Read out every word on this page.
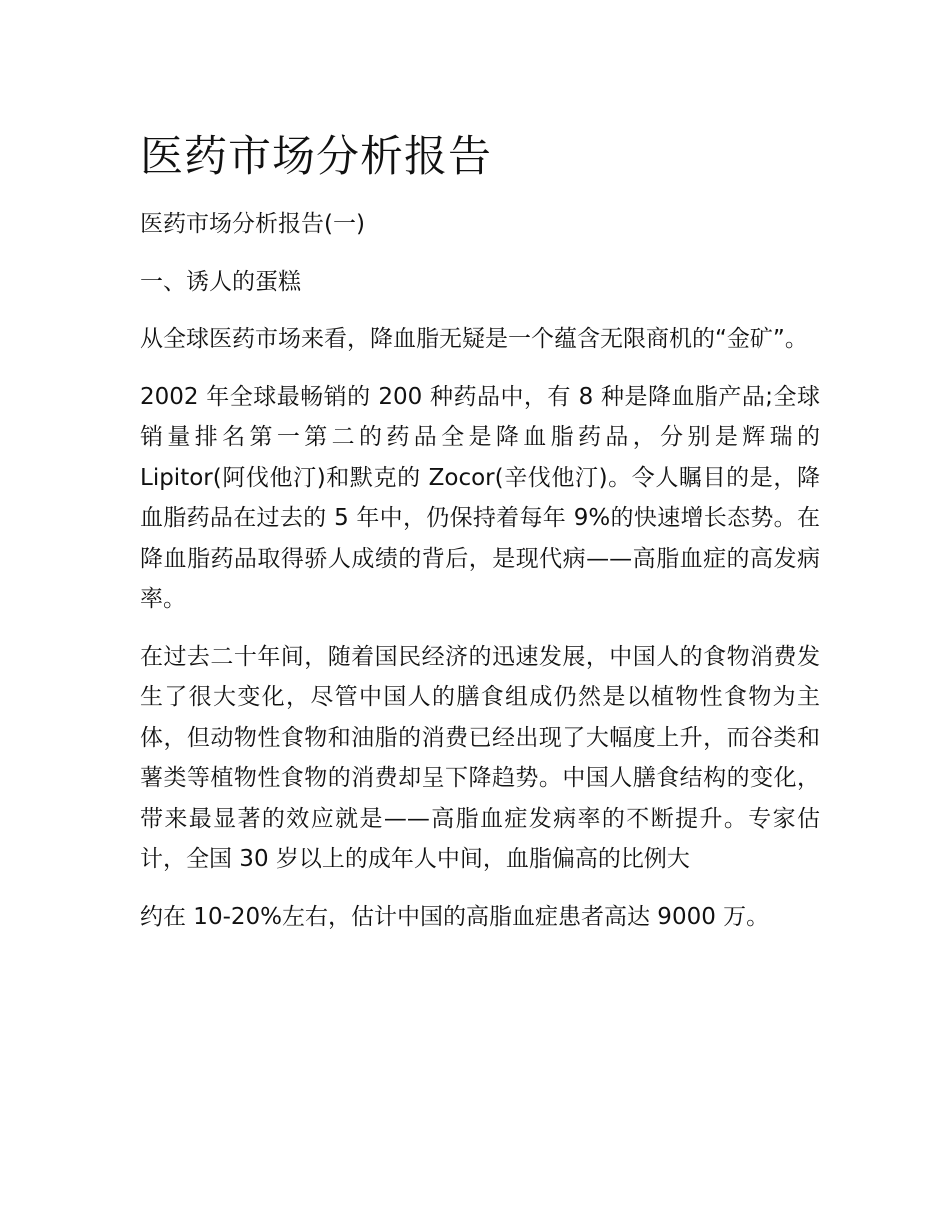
医药市场分析报告

医药市场分析报告(一)

一、诱人的蛋糕

从全球医药市场来看，降血脂无疑是一个蕴含无限商机的“金矿”。

2002 年全球最畅销的 200 种药品中，有 8 种是降血脂产品;全球销量排名第一第二的药品全是降血脂药品，分别是辉瑞的 Lipitor(阿伐他汀)和默克的 Zocor(辛伐他汀)。令人瞩目的是，降血脂药品在过去的 5 年中，仍保持着每年 9%的快速增长态势。在降血脂药品取得骄人成绩的背后，是现代病——高脂血症的高发病率。

在过去二十年间，随着国民经济的迅速发展，中国人的食物消费发生了很大变化，尽管中国人的膳食组成仍然是以植物性食物为主体，但动物性食物和油脂的消费已经出现了大幅度上升，而谷类和薯类等植物性食物的消费却呈下降趋势。中国人膳食结构的变化，带来最显著的效应就是——高脂血症发病率的不断提升。专家估计，全国 30 岁以上的成年人中间，血脂偏高的比例大

约在 10-20%左右，估计中国的高脂血症患者高达 9000 万。
